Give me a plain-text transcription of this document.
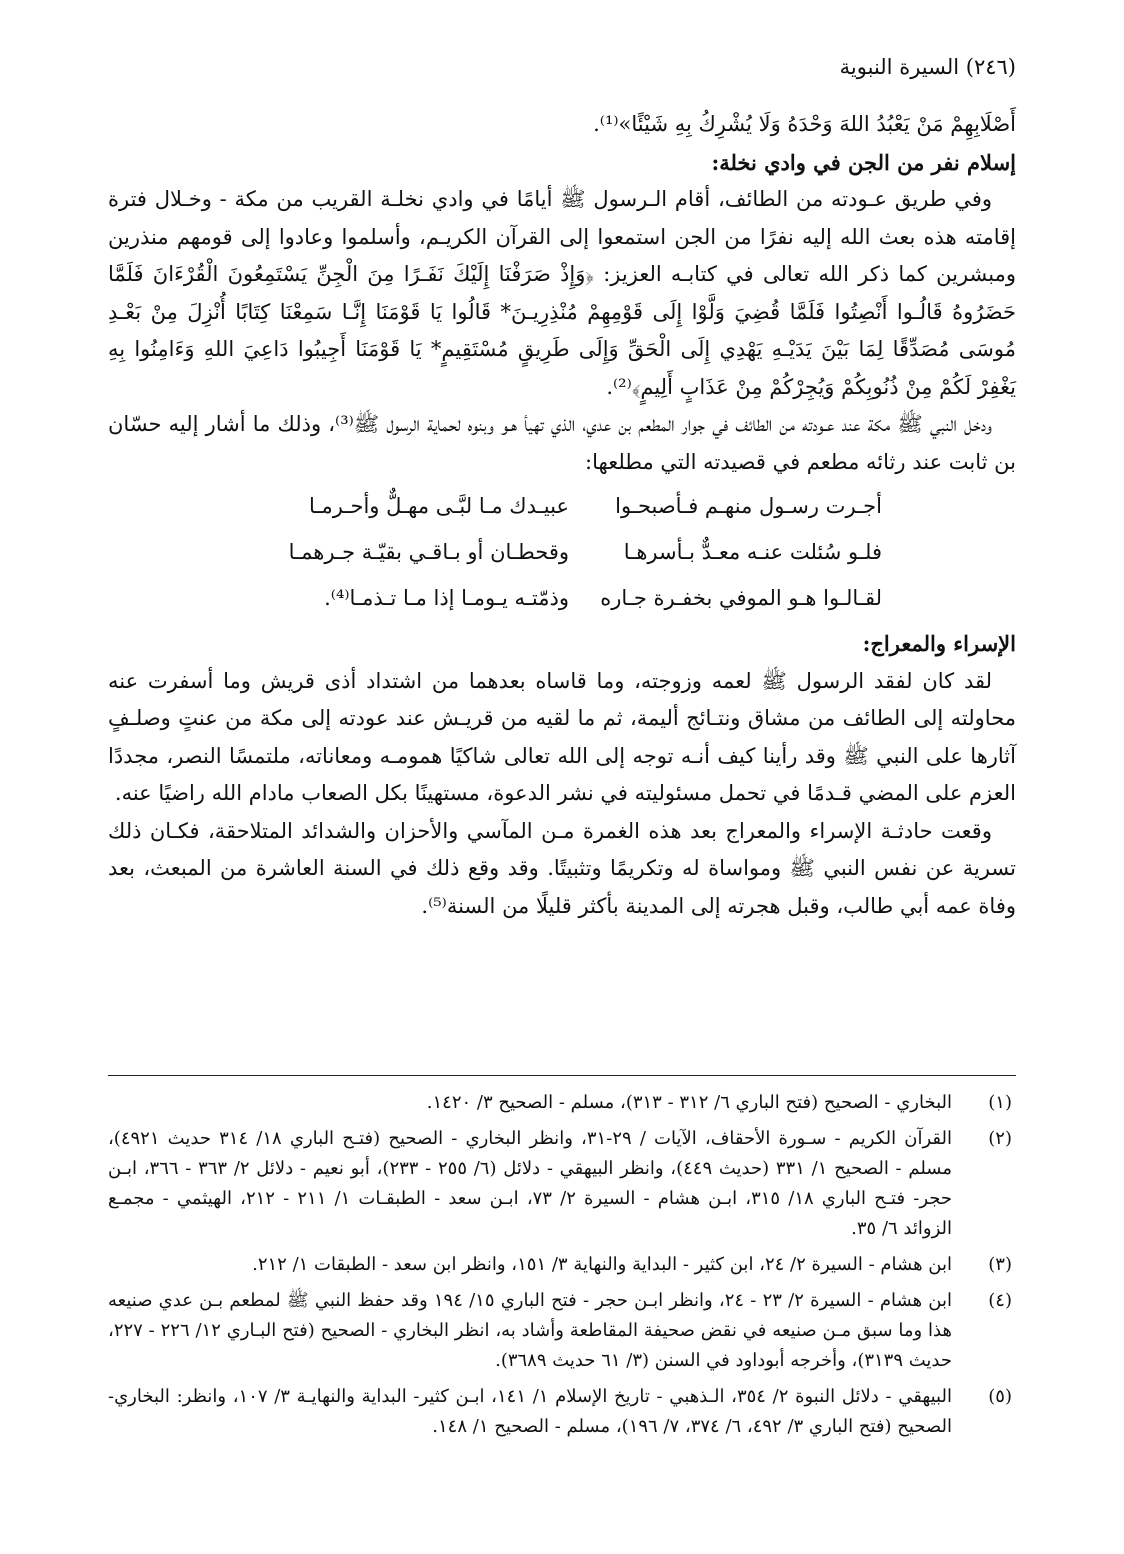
(٢٤٦) السيرة النبوية

أَصْلَابِهِمْ مَنْ يَعْبُدُ اللهَ وَحْدَهُ وَلَا يُشْرِكُ بِهِ شَيْئًا»⁽¹⁾.

إسلام نفر من الجن في وادي نخلة:

وفي طريق عـودته من الطائف، أقام الـرسول ﷺ أيامًا في وادي نخلـة القريب من مكة - وخـلال فترة إقامته هذه بعث الله إليه نفرًا من الجن استمعوا إلى القرآن الكريـم، وأسلموا وعادوا إلى قومهم منذرين ومبشرين كما ذكر الله تعالى في كتابـه العزيز: ﴿وَإِذْ صَرَفْنَا إِلَيْكَ نَفَـرًا مِنَ الْجِنِّ يَسْتَمِعُونَ الْقُرْءَانَ فَلَمَّا حَضَرُوهُ قَالُـوا أَنْصِتُوا فَلَمَّا قُضِيَ وَلَّوْا إِلَى قَوْمِهِمْ مُنْذِرِيـنَ* قَالُوا يَا قَوْمَنَا إِنَّـا سَمِعْنَا كِتَابًا أُنْزِلَ مِنْ بَعْـدِ مُوسَى مُصَدِّقًا لِمَا بَيْنَ يَدَيْـهِ يَهْدِي إِلَى الْحَقِّ وَإِلَى طَرِيقٍ مُسْتَقِيمٍ* يَا قَوْمَنَا أَجِيبُوا دَاعِيَ اللهِ وَءَامِنُوا بِهِ يَغْفِرْ لَكُمْ مِنْ ذُنُوبِكُمْ وَيُجِرْكُمْ مِنْ عَذَابٍ أَلِيمٍ﴾⁽²⁾.

ودخل النبي ﷺ مكة عند عـودته من الطائف في جوار المطعم بن عدي، الذي تهيأ هـو وبنوه لحماية الرسول ﷺ⁽³⁾، وذلك ما أشار إليه حسّان بن ثابت عند رثائه مطعم في قصيدته التي مطلعها:

أجـرت رسـول منهـم فـأصبحـوا
عبيـدك مـا لبَّـى مهـلٌّ وأحـرمـا
فلـو سُئلت عنـه معـدٌّ بـأسرهـا
وقحطـان أو بـاقـي بقيّـة جـرهمـا
لقـالـوا هـو الموفي بخفـرة جـاره
وذمّتـه يـومـا إذا مـا تـذمـا⁽⁴⁾.

الإسراء والمعراج:

لقد كان لفقد الرسول ﷺ لعمه وزوجته، وما قاساه بعدهما من اشتداد أذى قريش وما أسفرت عنه محاولته إلى الطائف من مشاق ونتـائج أليمة، ثم ما لقيه من قريـش عند عودته إلى مكة من عنتٍ وصلـفٍ آثارها على النبي ﷺ وقد رأينا كيف أنـه توجه إلى الله تعالى شاكيًا همومـه ومعاناته، ملتمسًا النصر، مجددًا العزم على المضي قـدمًا في تحمل مسئوليته في نشر الدعوة، مستهينًا بكل الصعاب مادام الله راضيًا عنه.

وقعت حادثـة الإسراء والمعراج بعد هذه الغمرة مـن المآسي والأحزان والشدائد المتلاحقة، فكـان ذلك تسرية عن نفس النبي ﷺ ومواساة له وتكريمًا وتثبيتًا. وقد وقع ذلك في السنة العاشرة من المبعث، بعد وفاة عمه أبي طالب، وقبل هجرته إلى المدينة بأكثر قليلًا من السنة⁽⁵⁾.

(١)
البخاري - الصحيح (فتح الباري ٦/ ٣١٢ - ٣١٣)، مسلم - الصحيح ٣/ ١٤٢٠.
(٢)
القرآن الكريم - سـورة الأحقاف، الآيات / ٢٩-٣١، وانظر البخاري - الصحيح (فتـح الباري ١٨/ ٣١٤ حديث ٤٩٢١)، مسلم - الصحيح ١/ ٣٣١ (حديث ٤٤٩)، وانظر البيهقي - دلائل (٦/ ٢٥٥ - ٢٣٣)، أبو نعيم - دلائل ٢/ ٣٦٣ - ٣٦٦، ابـن حجر- فتـح الباري ١٨/ ٣١٥، ابـن هشام - السيرة ٢/ ٧٣، ابـن سعد - الطبقـات ١/ ٢١١ - ٢١٢، الهيثمي - مجمـع الزوائد ٦/ ٣٥.
(٣)
ابن هشام - السيرة ٢/ ٢٤، ابن كثير - البداية والنهاية ٣/ ١٥١، وانظر ابن سعد - الطبقات ١/ ٢١٢.
(٤)
ابن هشام - السيرة ٢/ ٢٣ - ٢٤، وانظر ابـن حجر - فتح الباري ١٥/ ١٩٤ وقد حفظ النبي ﷺ لمطعم بـن عدي صنيعه هذا وما سبق مـن صنيعه في نقض صحيفة المقاطعة وأشاد به، انظر البخاري - الصحيح (فتح البـاري ١٢/ ٢٢٦ - ٢٢٧، حديث ٣١٣٩)، وأخرجه أبوداود في السنن (٣/ ٦١ حديث ٣٦٨٩).
(٥)
البيهقي - دلائل النبوة ٢/ ٣٥٤، الـذهبي - تاريخ الإسلام ١/ ١٤١، ابـن كثير- البداية والنهايـة ٣/ ١٠٧، وانظر: البخاري- الصحيح (فتح الباري ٣/ ٤٩٢، ٦/ ٣٧٤، ٧/ ١٩٦)، مسلم - الصحيح ١/ ١٤٨.
